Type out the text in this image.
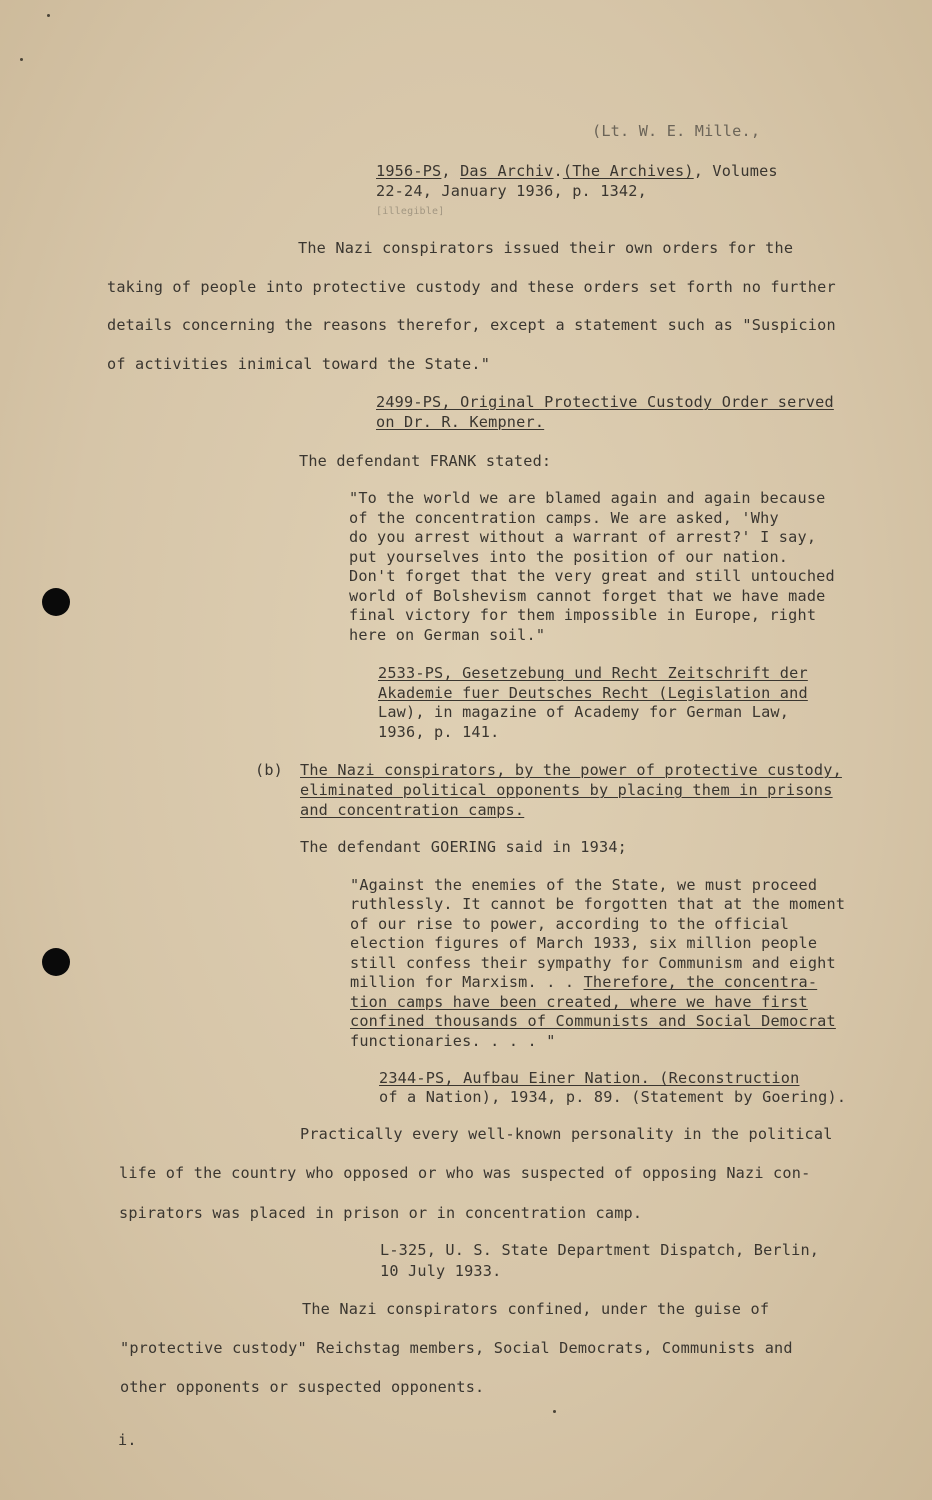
(Lt. W. E. Mille.,
1956-PS, Das Archiv.(The Archives), Volumes
22-24, January 1936, p. 1342,
[illegible]
The Nazi conspirators issued their own orders for the
taking of people into protective custody and these orders set forth no further
details concerning the reasons therefor, except a statement such as "Suspicion
of activities inimical toward the State."
2499-PS, Original Protective Custody Order served
on Dr. R. Kempner.
The defendant FRANK stated:
"To the world we are blamed again and again because
of the concentration camps. We are asked, 'Why
do you arrest without a warrant of arrest?' I say,
put yourselves into the position of our nation.
Don't forget that the very great and still untouched
world of Bolshevism cannot forget that we have made
final victory for them impossible in Europe, right
here on German soil."
2533-PS, Gesetzebung und Recht Zeitschrift der
Akademie fuer Deutsches Recht (Legislation and
Law), in magazine of Academy for German Law,
1936, p. 141.
(b) The Nazi conspirators, by the power of protective custody,
eliminated political opponents by placing them in prisons
and concentration camps.
The defendant GOERING said in 1934;
"Against the enemies of the State, we must proceed
ruthlessly. It cannot be forgotten that at the moment
of our rise to power, according to the official
election figures of March 1933, six million people
still confess their sympathy for Communism and eight
million for Marxism. . . Therefore, the concentra-
tion camps have been created, where we have first
confined thousands of Communists and Social Democrat
functionaries. . . . "
2344-PS, Aufbau Einer Nation. (Reconstruction
of a Nation), 1934, p. 89. (Statement by Goering).
Practically every well-known personality in the political
life of the country who opposed or who was suspected of opposing Nazi con-
spirators was placed in prison or in concentration camp.
L-325, U. S. State Department Dispatch, Berlin,
10 July 1933.
The Nazi conspirators confined, under the guise of
"protective custody" Reichstag members, Social Democrats, Communists and
other opponents or suspected opponents.
i.
